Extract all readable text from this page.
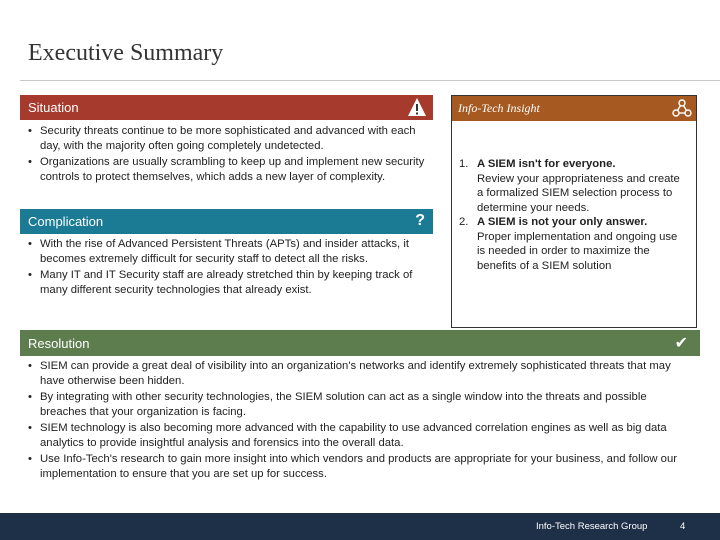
Executive Summary
Situation
• Security threats continue to be more sophisticated and advanced with each day, with the majority often going completely undetected.
• Organizations are usually scrambling to keep up and implement new security controls to protect themselves, which adds a new layer of complexity.
Complication	?
• With the rise of Advanced Persistent Threats (APTs) and insider attacks, it becomes extremely difficult for security staff to detect all the risks.
• Many IT and IT Security staff are already stretched thin by keeping track of many different security technologies that already exist.
Info-Tech Insight
1. A SIEM isn't for everyone.
Review your appropriateness and create a formalized SIEM selection process to determine your needs.
2. A SIEM is not your only answer.
Proper implementation and ongoing use is needed in order to maximize the benefits of a SIEM solution
Resolution	✔
• SIEM can provide a great deal of visibility into an organization's networks and identify extremely sophisticated threats that may have otherwise been hidden.
• By integrating with other security technologies, the SIEM solution can act as a single window into the threats and possible breaches that your organization is facing.
• SIEM technology is also becoming more advanced with the capability to use advanced correlation engines as well as big data analytics to provide insightful analysis and forensics into the overall data.
• Use Info-Tech's research to gain more insight into which vendors and products are appropriate for your business, and follow our implementation to ensure that you are set up for success.
Info-Tech Research Group	4
